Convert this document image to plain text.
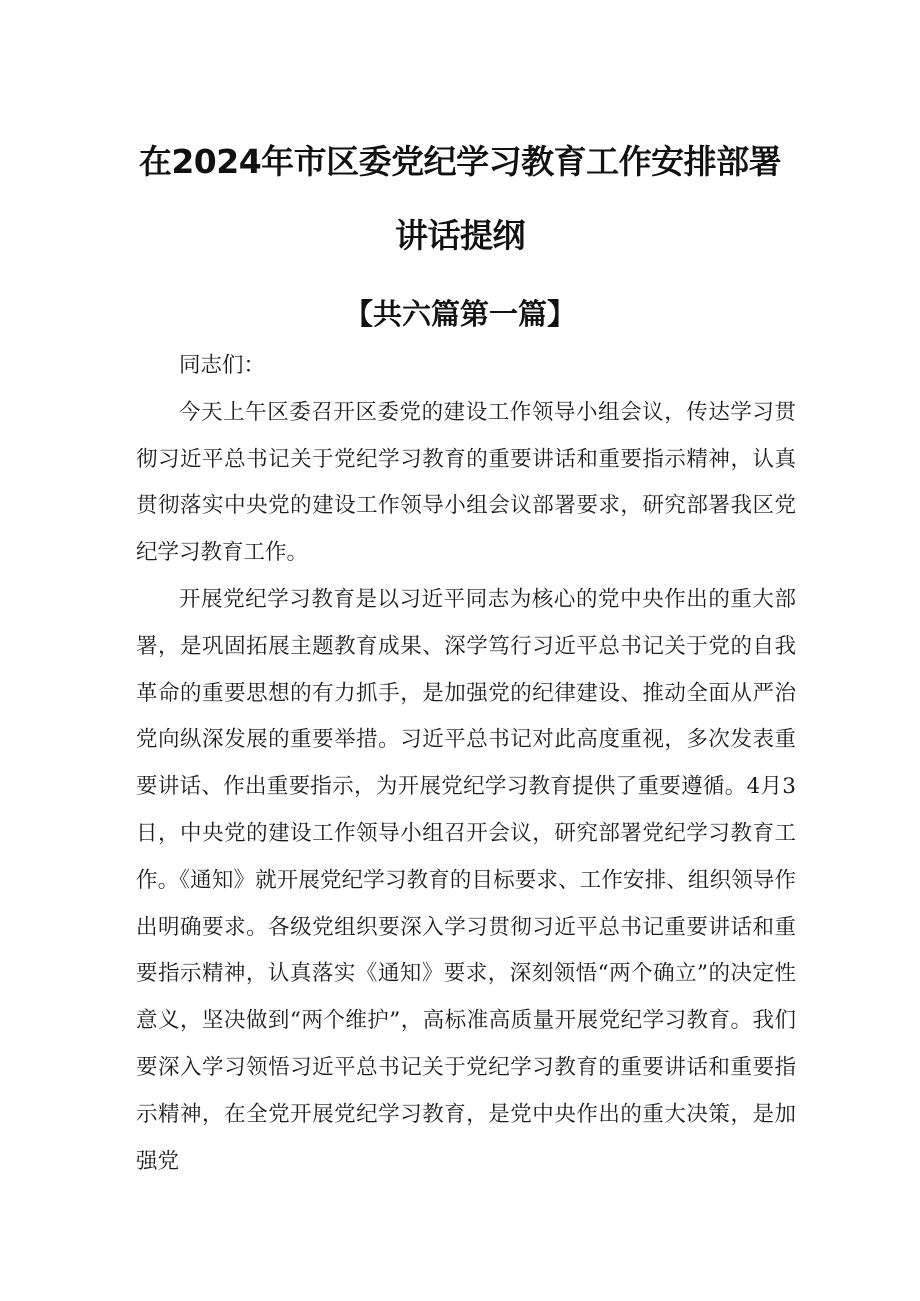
在2024年市区委党纪学习教育工作安排部署
讲话提纲
【共六篇第一篇】

同志们：

今天上午区委召开区委党的建设工作领导小组会议，传达学习贯彻习近平总书记关于党纪学习教育的重要讲话和重要指示精神，认真贯彻落实中央党的建设工作领导小组会议部署要求，研究部署我区党纪学习教育工作。

开展党纪学习教育是以习近平同志为核心的党中央作出的重大部署，是巩固拓展主题教育成果、深学笃行习近平总书记关于党的自我革命的重要思想的有力抓手，是加强党的纪律建设、推动全面从严治党向纵深发展的重要举措。习近平总书记对此高度重视，多次发表重要讲话、作出重要指示，为开展党纪学习教育提供了重要遵循。4月3日，中央党的建设工作领导小组召开会议，研究部署党纪学习教育工作。《通知》就开展党纪学习教育的目标要求、工作安排、组织领导作出明确要求。各级党组织要深入学习贯彻习近平总书记重要讲话和重要指示精神，认真落实《通知》要求，深刻领悟“两个确立”的决定性意义，坚决做到“两个维护”，高标准高质量开展党纪学习教育。我们要深入学习领悟习近平总书记关于党纪学习教育的重要讲话和重要指示精神，在全党开展党纪学习教育，是党中央作出的重大决策，是加强党
